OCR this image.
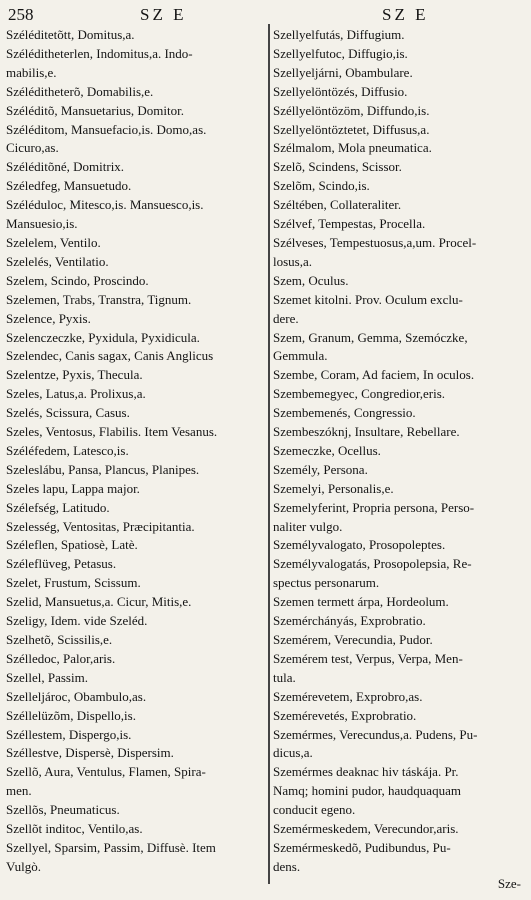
258	SZ E	SZ E
Széléditetõtt, Domitus,a.
Széléditheterlen, Indomitus,a. Indo-
mabilis,e.
Széléditheterõ, Domabilis,e.
Széléditõ, Mansuetarius, Domitor.
Széléditom, Mansuefacio,is. Domo,as.
Cicuro,as.
Széléditõné, Domitrix.
Széledfeg, Mansuetudo.
Széléduloc, Mitesco,is. Mansuesco,is.
Mansuesio,is.
Szelelem, Ventilo.
Szelelés, Ventilatio.
Szelem, Scindo, Proscindo.
Szelemen, Trabs, Transtra, Tignum.
Szelence, Pyxis.
Szelenczeczke, Pyxidula, Pyxidicula.
Szelendec, Canis sagax, Canis Anglicus
Szelentze, Pyxis, Thecula.
Szeles, Latus,a. Prolixus,a.
Szelés, Scissura, Casus.
Szeles, Ventosus, Flabilis. Item Vesanus.
Széléfedem, Latesco,is.
Szeleslábu, Pansa, Plancus, Planipes.
Szeles lapu, Lappa major.
Szélefség, Latitudo.
Szelesség, Ventositas, Præcipitantia.
Széleflen, Spatiosè, Latè.
Széleflüveg, Petasus.
Szelet, Frustum, Scissum.
Szelid, Mansuetus,a. Cicur, Mitis,e.
Szeligy, Idem. vide Szeléd.
Szelhetõ, Scissilis,e.
Szélledoc, Palor,aris.
Szellel, Passim.
Szelleljároc, Obambulo,as.
Széllelüzõm, Dispello,is.
Széllestem, Dispergo,is.
Széllestve, Dispersè, Dispersim.
Szellõ, Aura, Ventulus, Flamen, Spira-
men.
Szellõs, Pneumaticus.
Szellõt inditoc, Ventilo,as.
Szellyel, Sparsim, Passim, Diffusè. Item
Vulgò.
Szellyelfutás, Diffugium.
Szellyelfutoc, Diffugio,is.
Szellyeljárni, Obambulare.
Szellyelöntözés, Diffusio.
Széllyelöntözöm, Diffundo,is.
Szellyelöntöztetet, Diffusus,a.
Szélmalom, Mola pneumatica.
Szelõ, Scindens, Scissor.
Szelõm, Scindo,is.
Széltében, Collateraliter.
Szélvef, Tempestas, Procella.
Szélveses, Tempestuosus,a,um. Procel-
losus,a.
Szem, Oculus.
Szemet kitolni. Prov. Oculum exclu-
dere.
Szem, Granum, Gemma, Szemóczke,
Gemmula.
Szembe, Coram, Ad faciem, In oculos.
Szembemegyec, Congredior,eris.
Szembemenés, Congressio.
Szembeszóknj, Insultare, Rebellare.
Szemeczke, Ocellus.
Személy, Persona.
Szemelyi, Personalis,e.
Szemelyferint, Propria persona, Perso-
naliter vulgo.
Személyvalogato, Prosopoleptes.
Személyvalogatás, Prosopolepsia, Re-
spectus personarum.
Szemen termett árpa, Hordeolum.
Szemérchányás, Exprobratio.
Szemérem, Verecundia, Pudor.
Szemérem test, Verpus, Verpa, Men-
tula.
Szemérevetem, Exprobro,as.
Szemérevetés, Exprobratio.
Szemérmes, Verecundus,a. Pudens, Pu-
dicus,a.
Szemérmes deaknac hiv táskája. Pr.
Namq; homini pudor, haudquaquam
conducit egeno.
Szemérmeskedem, Verecundor,aris.
Szemérmeskedõ, Pudibundus, Pu-
dens.
Sze-
